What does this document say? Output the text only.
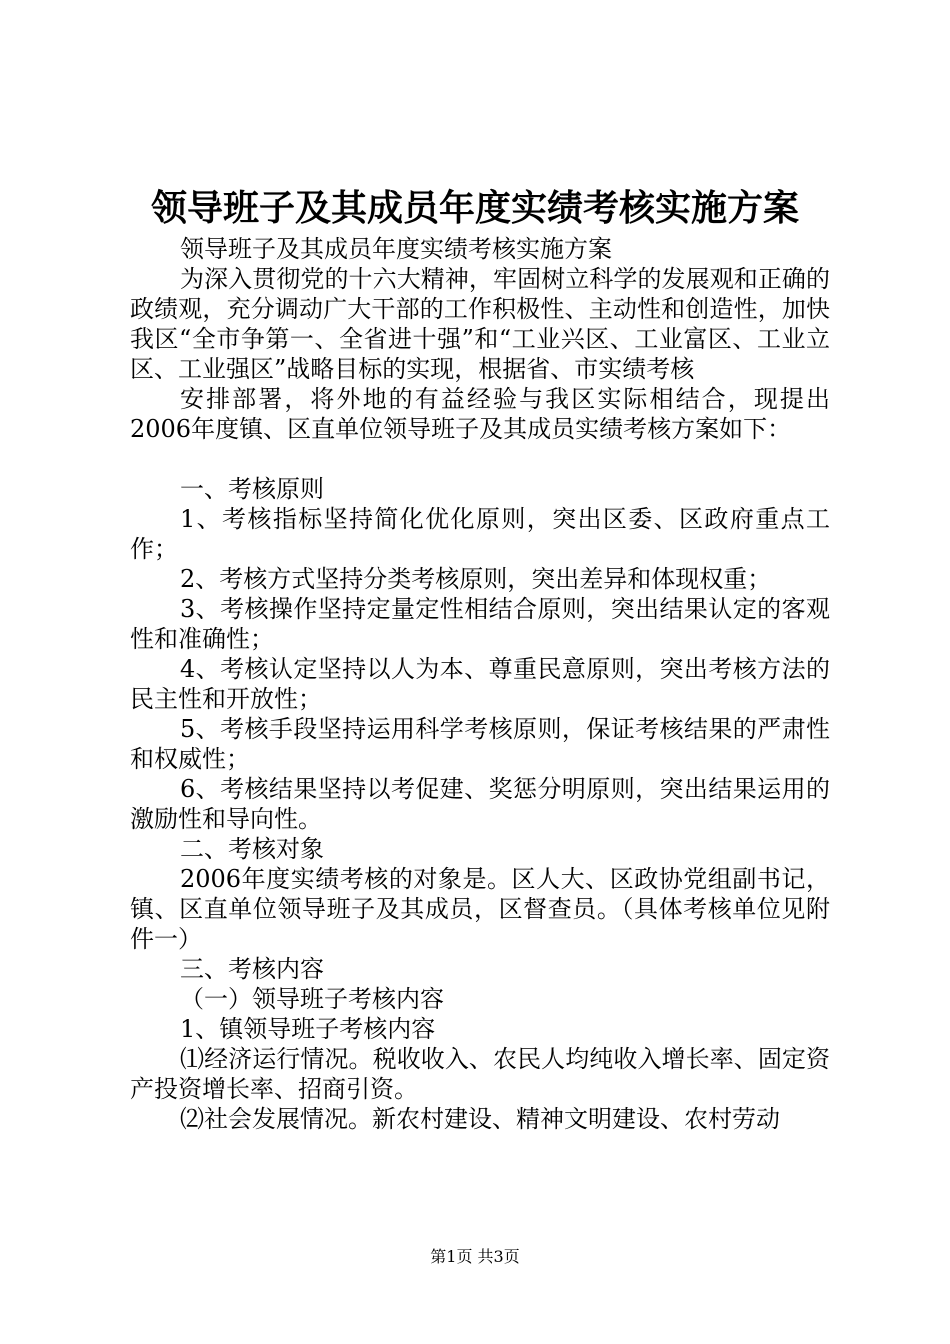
领导班子及其成员年度实绩考核实施方案

领导班子及其成员年度实绩考核实施方案

为深入贯彻党的十六大精神，牢固树立科学的发展观和正确的政绩观，充分调动广大干部的工作积极性、主动性和创造性，加快我区“全市争第一、全省进十强”和“工业兴区、工业富区、工业立区、工业强区”战略目标的实现，根据省、市实绩考核

安排部署，将外地的有益经验与我区实际相结合，现提出2006年度镇、区直单位领导班子及其成员实绩考核方案如下：

一、考核原则

1、考核指标坚持简化优化原则，突出区委、区政府重点工作；

2、考核方式坚持分类考核原则，突出差异和体现权重；

3、考核操作坚持定量定性相结合原则，突出结果认定的客观性和准确性；

4、考核认定坚持以人为本、尊重民意原则，突出考核方法的民主性和开放性；

5、考核手段坚持运用科学考核原则，保证考核结果的严肃性和权威性；

6、考核结果坚持以考促建、奖惩分明原则，突出结果运用的激励性和导向性。

二、考核对象

2006年度实绩考核的对象是。区人大、区政协党组副书记，镇、区直单位领导班子及其成员，区督查员。（具体考核单位见附件一）

三、考核内容

（一）领导班子考核内容

1、镇领导班子考核内容

⑴经济运行情况。税收收入、农民人均纯收入增长率、固定资产投资增长率、招商引资。

⑵社会发展情况。新农村建设、精神文明建设、农村劳动

第1页 共3页
